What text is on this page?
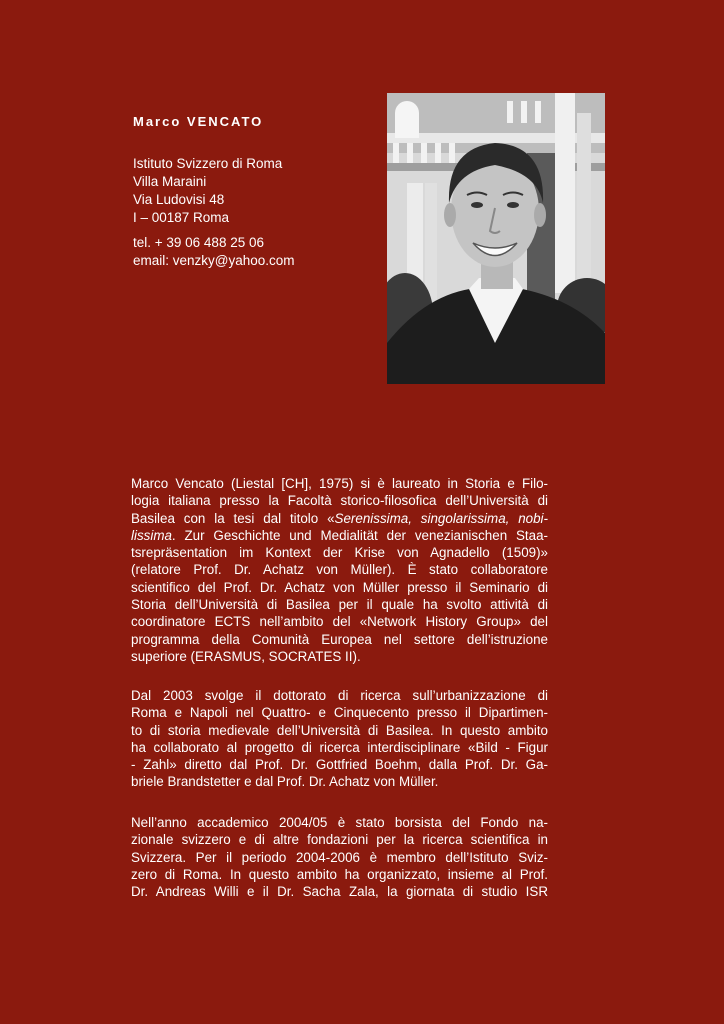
Marco VENCATO
Istituto Svizzero di Roma
Villa Maraini
Via Ludovisi 48
I – 00187 Roma
tel. + 39 06 488 25 06
email: venzky@yahoo.com

Marco Vencato (Liestal [CH], 1975) si è laureato in Storia e Filo-
logia italiana presso la Facoltà storico-filosofica dell’Università di
Basilea con la tesi dal titolo «Serenissima, singolarissima, nobi-
lissima. Zur Geschichte und Medialität der venezianischen Staa-
tsrepräsentation im Kontext der Krise von Agnadello (1509)»
(relatore Prof. Dr. Achatz von Müller). È stato collaboratore
scientifico del Prof. Dr. Achatz von Müller presso il Seminario di
Storia dell’Università di Basilea per il quale ha svolto attività di
coordinatore ECTS nell’ambito del «Network History Group» del
programma della Comunità Europea nel settore dell’istruzione
superiore (ERASMUS, SOCRATES II).

Dal 2003 svolge il dottorato di ricerca sull’urbanizzazione di
Roma e Napoli nel Quattro- e Cinquecento presso il Dipartimen-
to di storia medievale dell’Università di Basilea. In questo ambito
ha collaborato al progetto di ricerca interdisciplinare «Bild - Figur
- Zahl» diretto dal Prof. Dr. Gottfried Boehm, dalla Prof. Dr. Ga-
briele Brandstetter e dal Prof. Dr. Achatz von Müller.

Nell’anno accademico 2004/05 è stato borsista del Fondo na-
zionale svizzero e di altre fondazioni per la ricerca scientifica in
Svizzera. Per il periodo 2004-2006 è membro dell’Istituto Sviz-
zero di Roma. In questo ambito ha organizzato, insieme al Prof.
Dr. Andreas Willi e il Dr. Sacha Zala, la giornata di studio ISR
